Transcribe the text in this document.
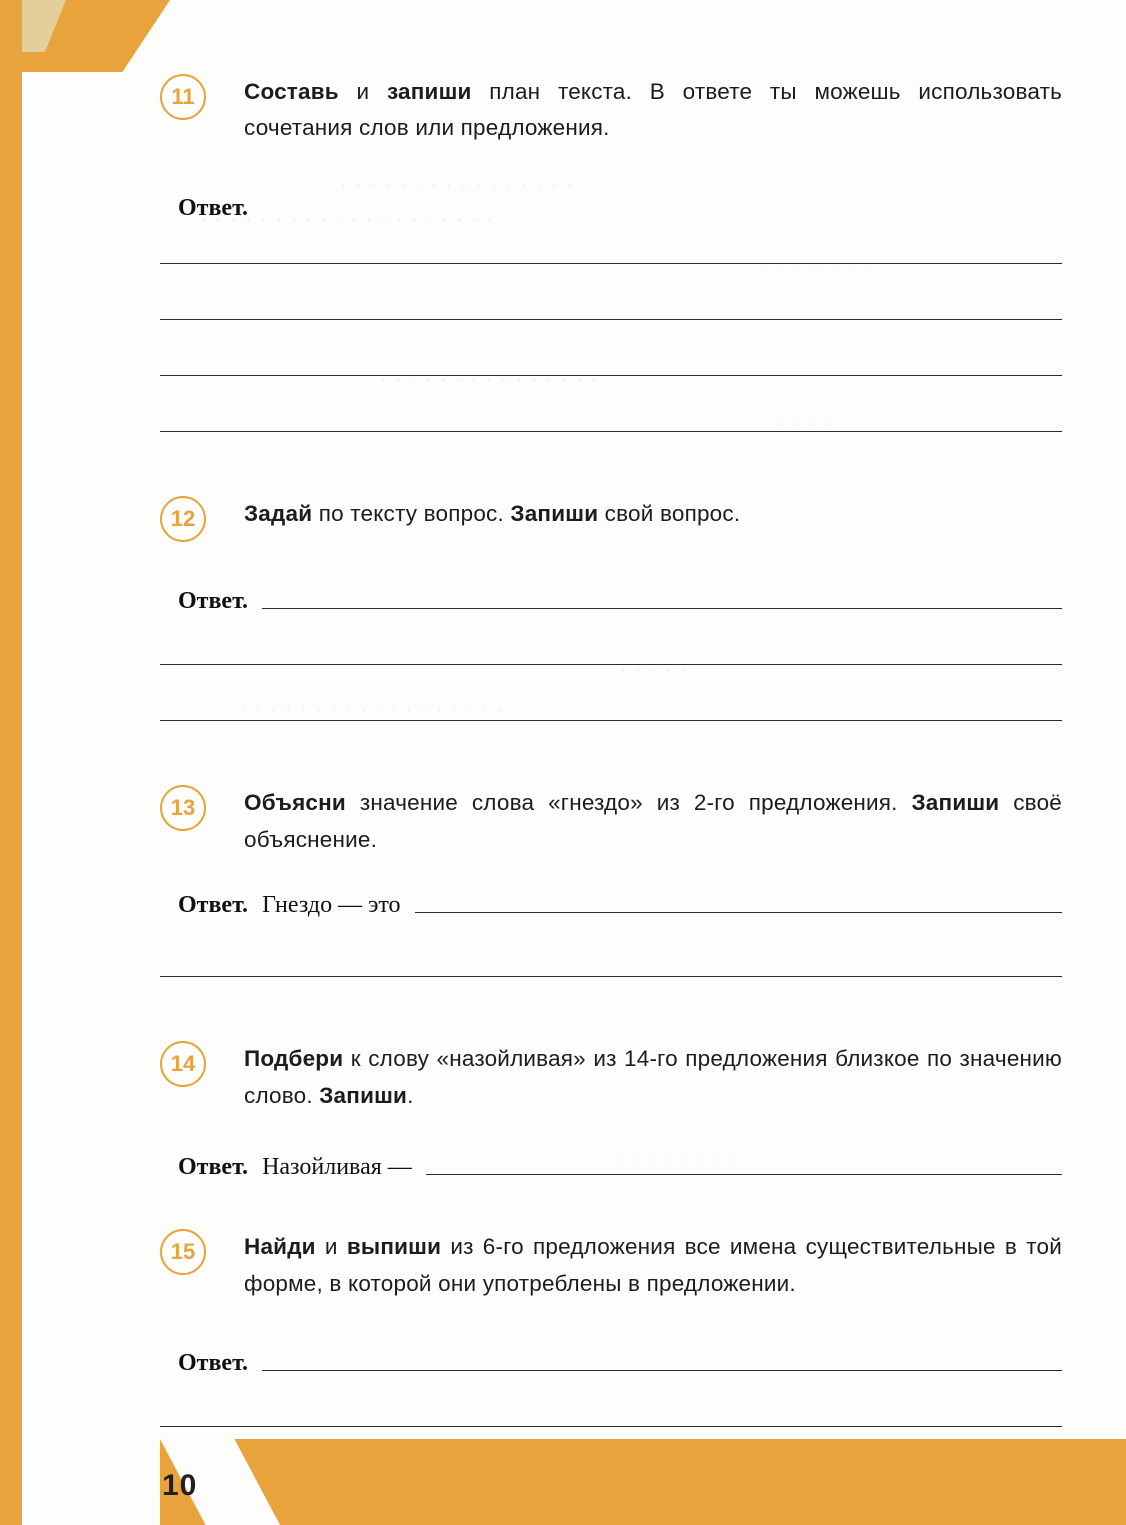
· · · · · · · · · · · · · · · ·
· · · · · · · · · · · · · · · · · · · ·
· · · · · · · ·
· · · · · · · · · · · · · · ·
· · · ·
· · · · ·
· · · · · · · · · · · · · · · · · ·
· · · · · · · ·
11	Составь и запиши план текста. В ответе ты можешь использовать сочетания слов или предложения.
Ответ.
12	Задай по тексту вопрос. Запиши свой вопрос.
Ответ.
13	Объясни значение слова «гнездо» из 2-го предложения. Запиши своё объяснение.
Ответ. Гнездо — это
14	Подбери к слову «назойливая» из 14-го предложения близкое по значению слово. Запиши.
Ответ. Назойливая —
15	Найди и выпиши из 6-го предложения все имена существительные в той форме, в которой они употреблены в предложении.
Ответ.
10
